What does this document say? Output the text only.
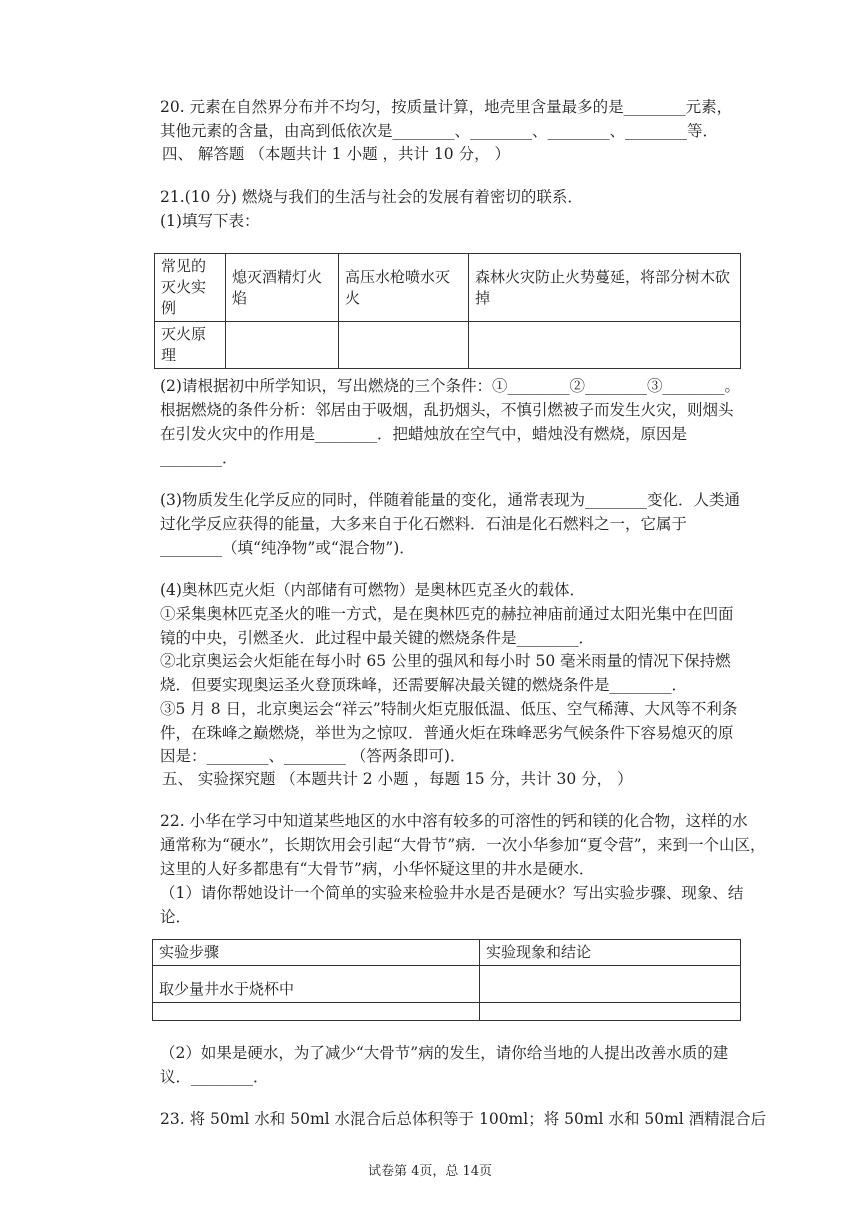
20. 元素在自然界分布并不均匀，按质量计算，地壳里含量最多的是________元素，
其他元素的含量，由高到低依次是________、________、________、________等．
四、 解答题 （本题共计 1 小题 ，共计 10 分， ）
21.(10 分) 燃烧与我们的生活与社会的发展有着密切的联系．
(1)填写下表：
常见的灭火实例	熄灭酒精灯火焰	高压水枪喷水灭火	森林火灾防止火势蔓延，将部分树木砍掉
灭火原理			
(2)请根据初中所学知识，写出燃烧的三个条件：①________②________③________。
根据燃烧的条件分析：邻居由于吸烟，乱扔烟头，不慎引燃被子而发生火灾，则烟头
在引发火灾中的作用是________．把蜡烛放在空气中，蜡烛没有燃烧，原因是
________．
(3)物质发生化学反应的同时，伴随着能量的变化，通常表现为________变化．人类通
过化学反应获得的能量，大多来自于化石燃料．石油是化石燃料之一，它属于
________（填“纯净物”或“混合物”)．
(4)奥林匹克火炬（内部储有可燃物）是奥林匹克圣火的载体．
①采集奥林匹克圣火的唯一方式，是在奥林匹克的赫拉神庙前通过太阳光集中在凹面
镜的中央，引燃圣火．此过程中最关键的燃烧条件是________．
②北京奥运会火炬能在每小时 65 公里的强风和每小时 50 毫米雨量的情况下保持燃
烧．但要实现奥运圣火登顶珠峰，还需要解决最关键的燃烧条件是________．
③5 月 8 日，北京奥运会“祥云”特制火炬克服低温、低压、空气稀薄、大风等不利条
件，在珠峰之巅燃烧，举世为之惊叹．普通火炬在珠峰恶劣气候条件下容易熄灭的原
因是：________、________ （答两条即可)．
五、 实验探究题 （本题共计 2 小题 ，每题 15 分，共计 30 分， ）
22. 小华在学习中知道某些地区的水中溶有较多的可溶性的钙和镁的化合物，这样的水
通常称为“硬水”，长期饮用会引起“大骨节”病．一次小华参加“夏令营”，来到一个山区，
这里的人好多都患有“大骨节”病，小华怀疑这里的井水是硬水．
（1）请你帮她设计一个简单的实验来检验井水是否是硬水？写出实验步骤、现象、结
论．
实验步骤	实验现象和结论
取少量井水于烧杯中	

（2）如果是硬水，为了减少“大骨节”病的发生，请你给当地的人提出改善水质的建
议．________．
23. 将 50ml 水和 50ml 水混合后总体积等于 100ml；将 50ml 水和 50ml 酒精混合后
试卷第 4页，总 14页
